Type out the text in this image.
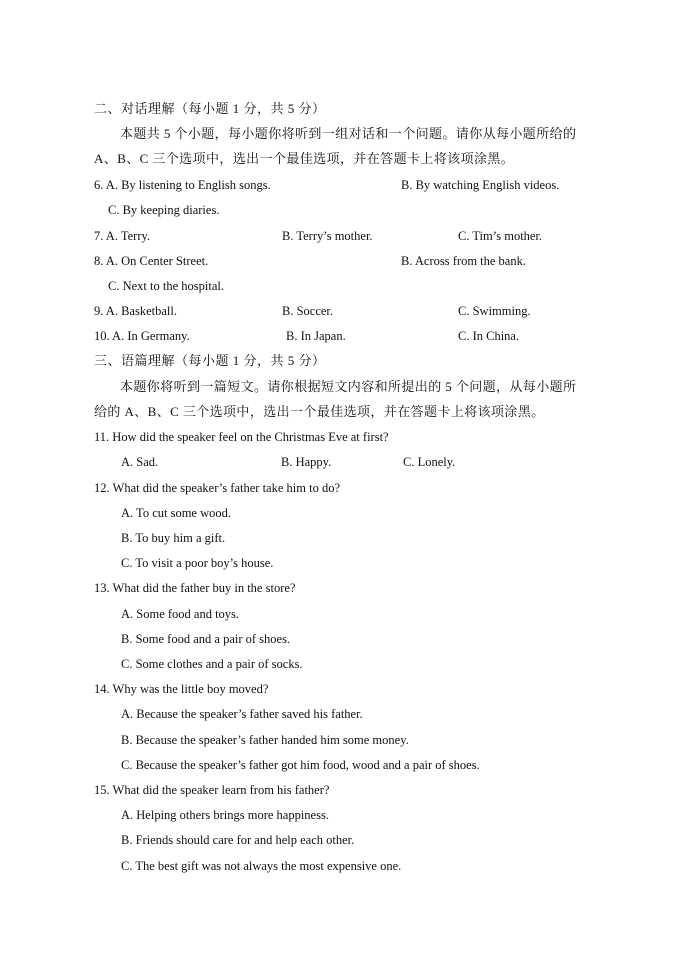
二、对话理解（每小题 1 分，共 5 分）
本题共 5 个小题，每小题你将听到一组对话和一个问题。请你从每小题所给的
A、B、C 三个选项中，选出一个最佳选项，并在答题卡上将该项涂黑。
6. A. By listening to English songs.	B. By watching English videos.
C. By keeping diaries.
7. A. Terry.	B. Terry’s mother.	C. Tim’s mother.
8. A. On Center Street.	B. Across from the bank.
C. Next to the hospital.
9. A. Basketball.	B. Soccer.	C. Swimming.
10. A. In Germany.	B. In Japan.	C. In China.
三、语篇理解（每小题 1 分，共 5 分）
本题你将听到一篇短文。请你根据短文内容和所提出的 5 个问题，从每小题所
给的 A、B、C 三个选项中，选出一个最佳选项，并在答题卡上将该项涂黑。
11. How did the speaker feel on the Christmas Eve at first?
A. Sad.	B. Happy.	C. Lonely.
12. What did the speaker’s father take him to do?
A. To cut some wood.
B. To buy him a gift.
C. To visit a poor boy’s house.
13. What did the father buy in the store?
A. Some food and toys.
B. Some food and a pair of shoes.
C. Some clothes and a pair of socks.
14. Why was the little boy moved?
A. Because the speaker’s father saved his father.
B. Because the speaker’s father handed him some money.
C. Because the speaker’s father got him food, wood and a pair of shoes.
15. What did the speaker learn from his father?
A. Helping others brings more happiness.
B. Friends should care for and help each other.
C. The best gift was not always the most expensive one.
